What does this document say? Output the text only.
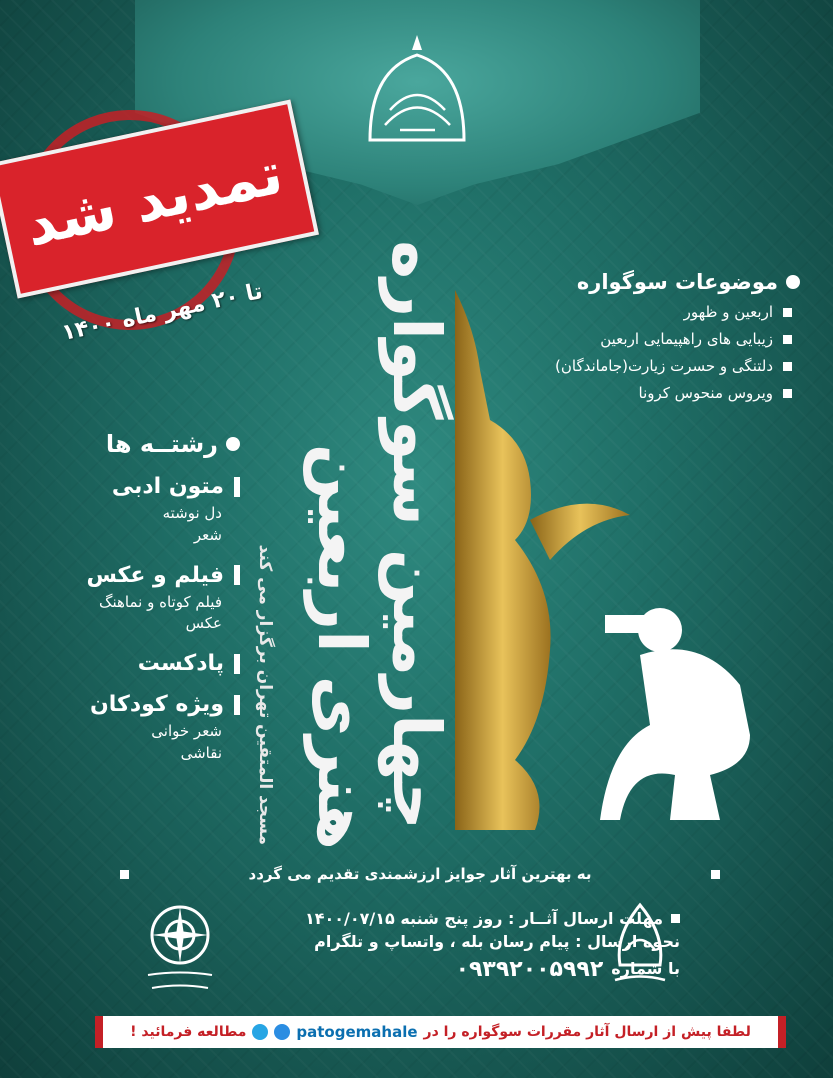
تمدید شد
تا ۲۰ مهر ماه ۱۴۰۰ چهارمین سوگواره
هنری اربعین
مسجد المتقین تهران برگزار می کند
موضوعات سوگواره
اربعین و ظهور
زیبایی های راهپیمایی اربعین
دلتنگی و حسرت زیارت(جاماندگان)
ویروس منحوس کرونا
رشتــه ها
متون ادبی
دل نوشته
شعر
فیلم و عکس
فیلم کوتاه و نماهنگ
عکس
پادکست
ویژه کودکان
شعر خوانی
نقاشی
به بهترین آثار جوایز ارزشمندی تقدیم می گردد
مهلت ارسال آثــار : روز پنج شنبه ۱۴۰۰/۰۷/۱۵
نحوه ارسال : پیام رسان بله ، واتساپ و تلگرام
با شماره
۰۹۳۹۲۰۰۵۹۹۲
لطفا پیش از ارسال آثار مقررات سوگواره را در
patogemahale
مطالعه فرمائید !
